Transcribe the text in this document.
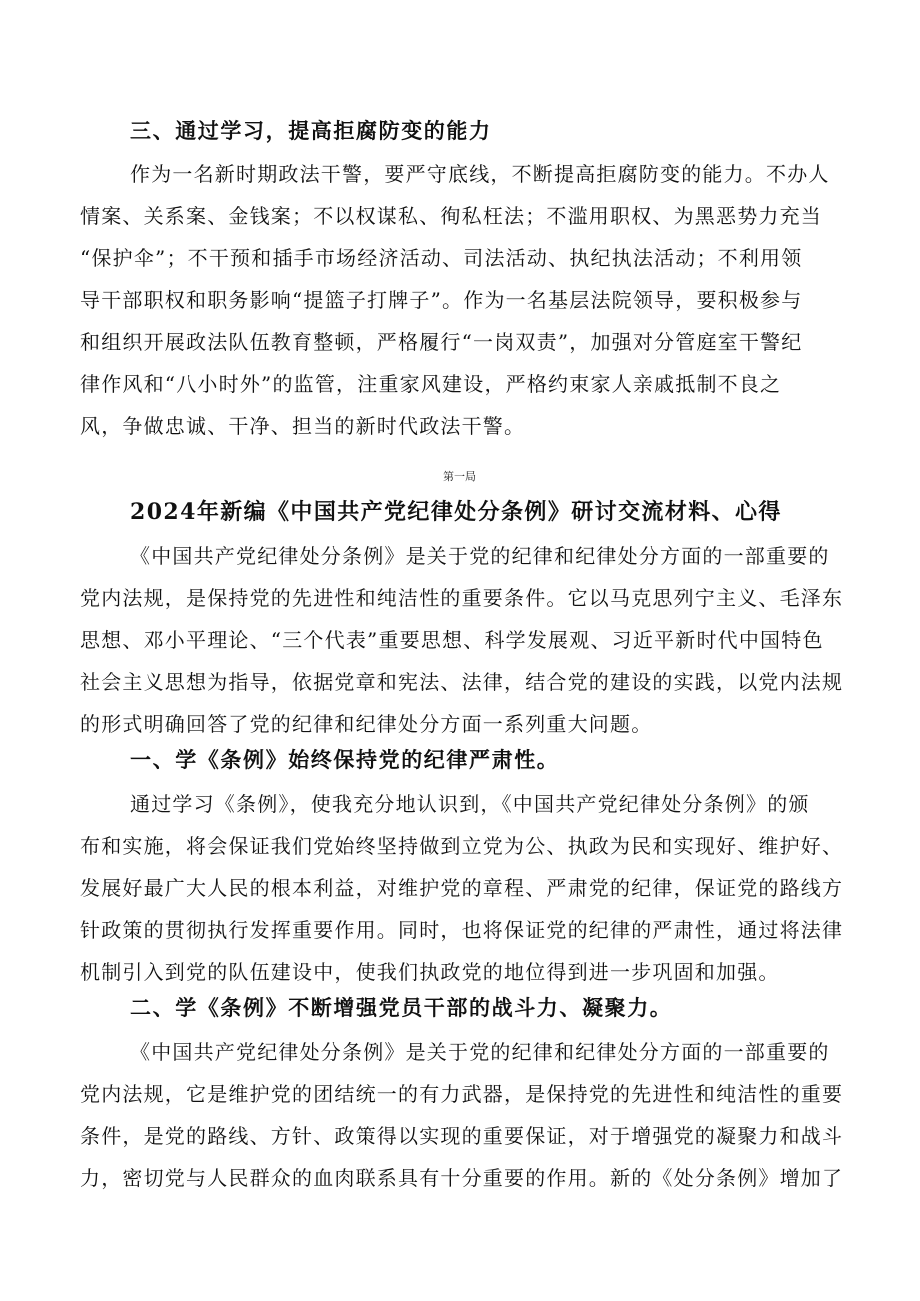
三、通过学习，提高拒腐防变的能力
作为一名新时期政法干警，要严守底线，不断提高拒腐防变的能力。不办人
情案、关系案、金钱案；不以权谋私、徇私枉法；不滥用职权、为黑恶势力充当
“保护伞”；不干预和插手市场经济活动、司法活动、执纪执法活动；不利用领
导干部职权和职务影响“提篮子打牌子”。作为一名基层法院领导，要积极参与
和组织开展政法队伍教育整顿，严格履行“一岗双责”，加强对分管庭室干警纪
律作风和“八小时外”的监管，注重家风建设，严格约束家人亲戚抵制不良之
风，争做忠诚、干净、担当的新时代政法干警。
第一局
2024年新编《中国共产党纪律处分条例》研讨交流材料、心得
《中国共产党纪律处分条例》是关于党的纪律和纪律处分方面的一部重要的
党内法规，是保持党的先进性和纯洁性的重要条件。它以马克思列宁主义、毛泽东
思想、邓小平理论、“三个代表”重要思想、科学发展观、习近平新时代中国特色
社会主义思想为指导，依据党章和宪法、法律，结合党的建设的实践，以党内法规
的形式明确回答了党的纪律和纪律处分方面一系列重大问题。
一、学《条例》始终保持党的纪律严肃性。
通过学习《条例》，使我充分地认识到，《中国共产党纪律处分条例》的颁
布和实施，将会保证我们党始终坚持做到立党为公、执政为民和实现好、维护好、
发展好最广大人民的根本利益，对维护党的章程、严肃党的纪律，保证党的路线方
针政策的贯彻执行发挥重要作用。同时，也将保证党的纪律的严肃性，通过将法律
机制引入到党的队伍建设中，使我们执政党的地位得到进一步巩固和加强。
二、学《条例》不断增强党员干部的战斗力、凝聚力。
《中国共产党纪律处分条例》是关于党的纪律和纪律处分方面的一部重要的
党内法规，它是维护党的团结统一的有力武器，是保持党的先进性和纯洁性的重要
条件，是党的路线、方针、政策得以实现的重要保证，对于增强党的凝聚力和战斗
力，密切党与人民群众的血肉联系具有十分重要的作用。新的《处分条例》增加了
